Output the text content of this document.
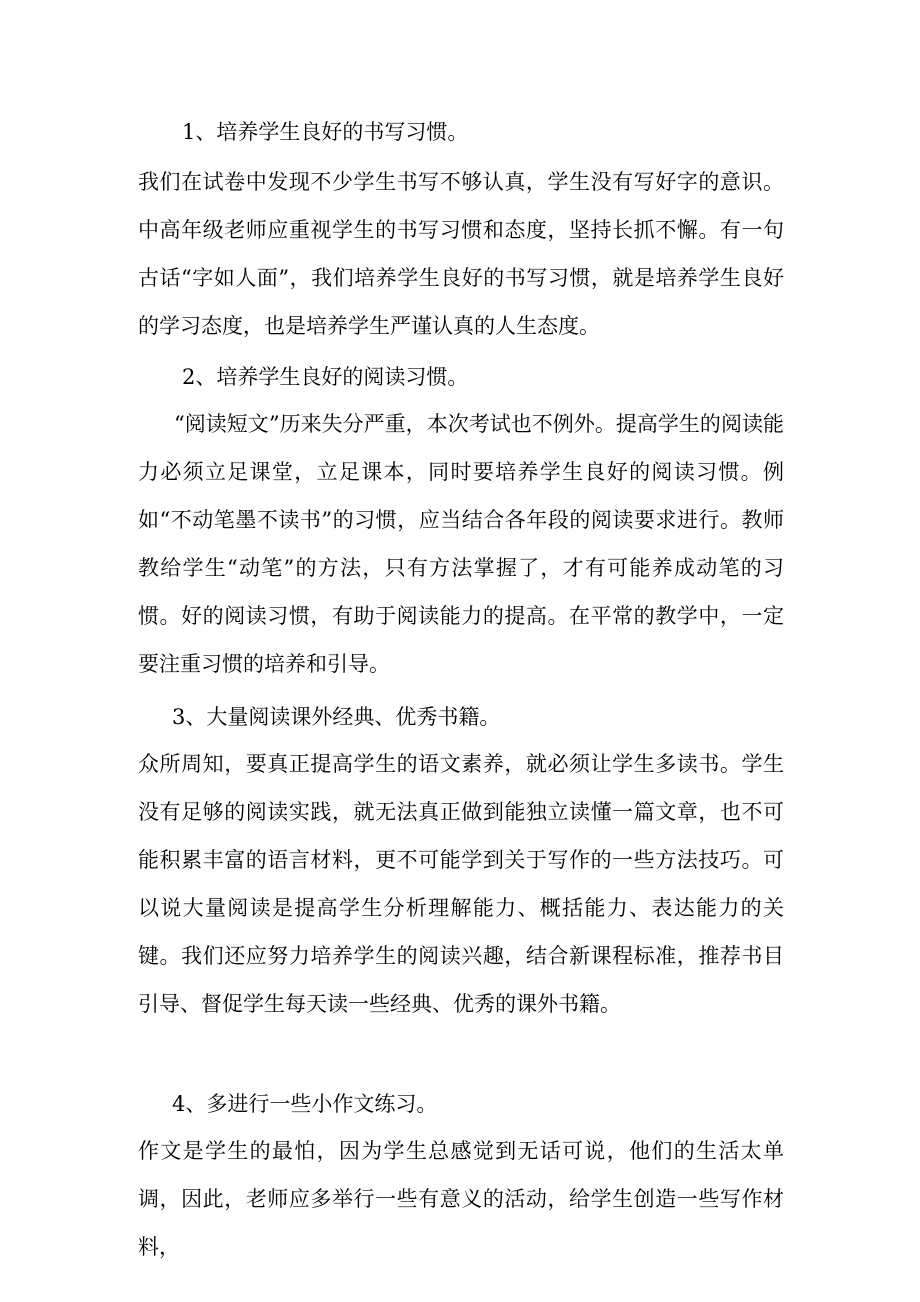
1、培养学生良好的书写习惯。
我们在试卷中发现不少学生书写不够认真，学生没有写好字的意识。中高年级老师应重视学生的书写习惯和态度，坚持长抓不懈。有一句古话“字如人面”，我们培养学生良好的书写习惯，就是培养学生良好的学习态度，也是培养学生严谨认真的人生态度。
2、培养学生良好的阅读习惯。
“阅读短文”历来失分严重，本次考试也不例外。提高学生的阅读能力必须立足课堂，立足课本，同时要培养学生良好的阅读习惯。例如“不动笔墨不读书”的习惯，应当结合各年段的阅读要求进行。教师教给学生“动笔”的方法，只有方法掌握了，才有可能养成动笔的习惯。好的阅读习惯，有助于阅读能力的提高。在平常的教学中，一定要注重习惯的培养和引导。
3、大量阅读课外经典、优秀书籍。
众所周知，要真正提高学生的语文素养，就必须让学生多读书。学生没有足够的阅读实践，就无法真正做到能独立读懂一篇文章，也不可能积累丰富的语言材料，更不可能学到关于写作的一些方法技巧。可以说大量阅读是提高学生分析理解能力、概括能力、表达能力的关键。我们还应努力培养学生的阅读兴趣，结合新课程标准，推荐书目引导、督促学生每天读一些经典、优秀的课外书籍。
4、多进行一些小作文练习。
作文是学生的最怕，因为学生总感觉到无话可说，他们的生活太单调，因此，老师应多举行一些有意义的活动，给学生创造一些写作材料，
